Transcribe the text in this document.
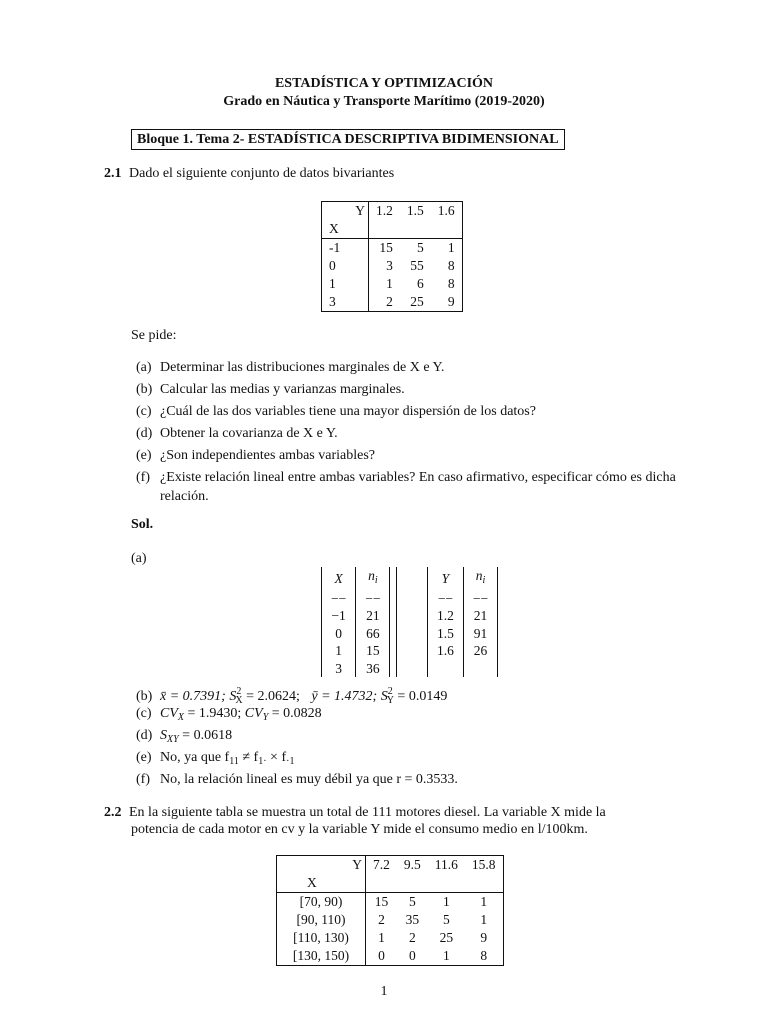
ESTADÍSTICA Y OPTIMIZACIÓN
Grado en Náutica y Transporte Marítimo (2019-2020)
Bloque 1. Tema 2- ESTADÍSTICA DESCRIPTIVA BIDIMENSIONAL
2.1 Dado el siguiente conjunto de datos bivariantes
Y	1.2	1.5	1.6
X			
-1	15	5	1
0	3	55	8
1	1	6	8
3	2	25	9
Se pide:
(a) Determinar las distribuciones marginales de X e Y.
(b) Calcular las medias y varianzas marginales.
(c) ¿Cuál de las dos variables tiene una mayor dispersión de los datos?
(d) Obtener la covarianza de X e Y.
(e) ¿Son independientes ambas variables?
(f) ¿Existe relación lineal entre ambas variables? En caso afirmativo, especificar cómo es dicha relación.
Sol.
(a)
X	$n_i$	
−−	−−	
−1	21	
0	66	
1	15	
3	36	
Y	$n_i$
−−	−−
1.2	21
1.5	91
1.6	26

(b) x̄ = 0.7391; $S^2_X = 2.0624$; ȳ = 1.4732; $S^2_Y = 0.0149$
(c) $CV_X = 1.9430$; $CV_Y = 0.0828$
(d) $S_{XY} = 0.0618$
(e) No, ya que $f_{11} \ne f_{1\cdot} \times f_{\cdot 1}$
(f) No, la relación lineal es muy débil ya que r = 0.3533.
2.2 En la siguiente tabla se muestra un total de 111 motores diesel. La variable X mide la
potencia de cada motor en cv y la variable Y mide el consumo medio en l/100km.
Y	7.2	9.5	11.6	15.8
X				
[70, 90)	15	5	1	1
[90, 110)	2	35	5	1
[110, 130)	1	2	25	9
[130, 150)	0	0	1	8
1
